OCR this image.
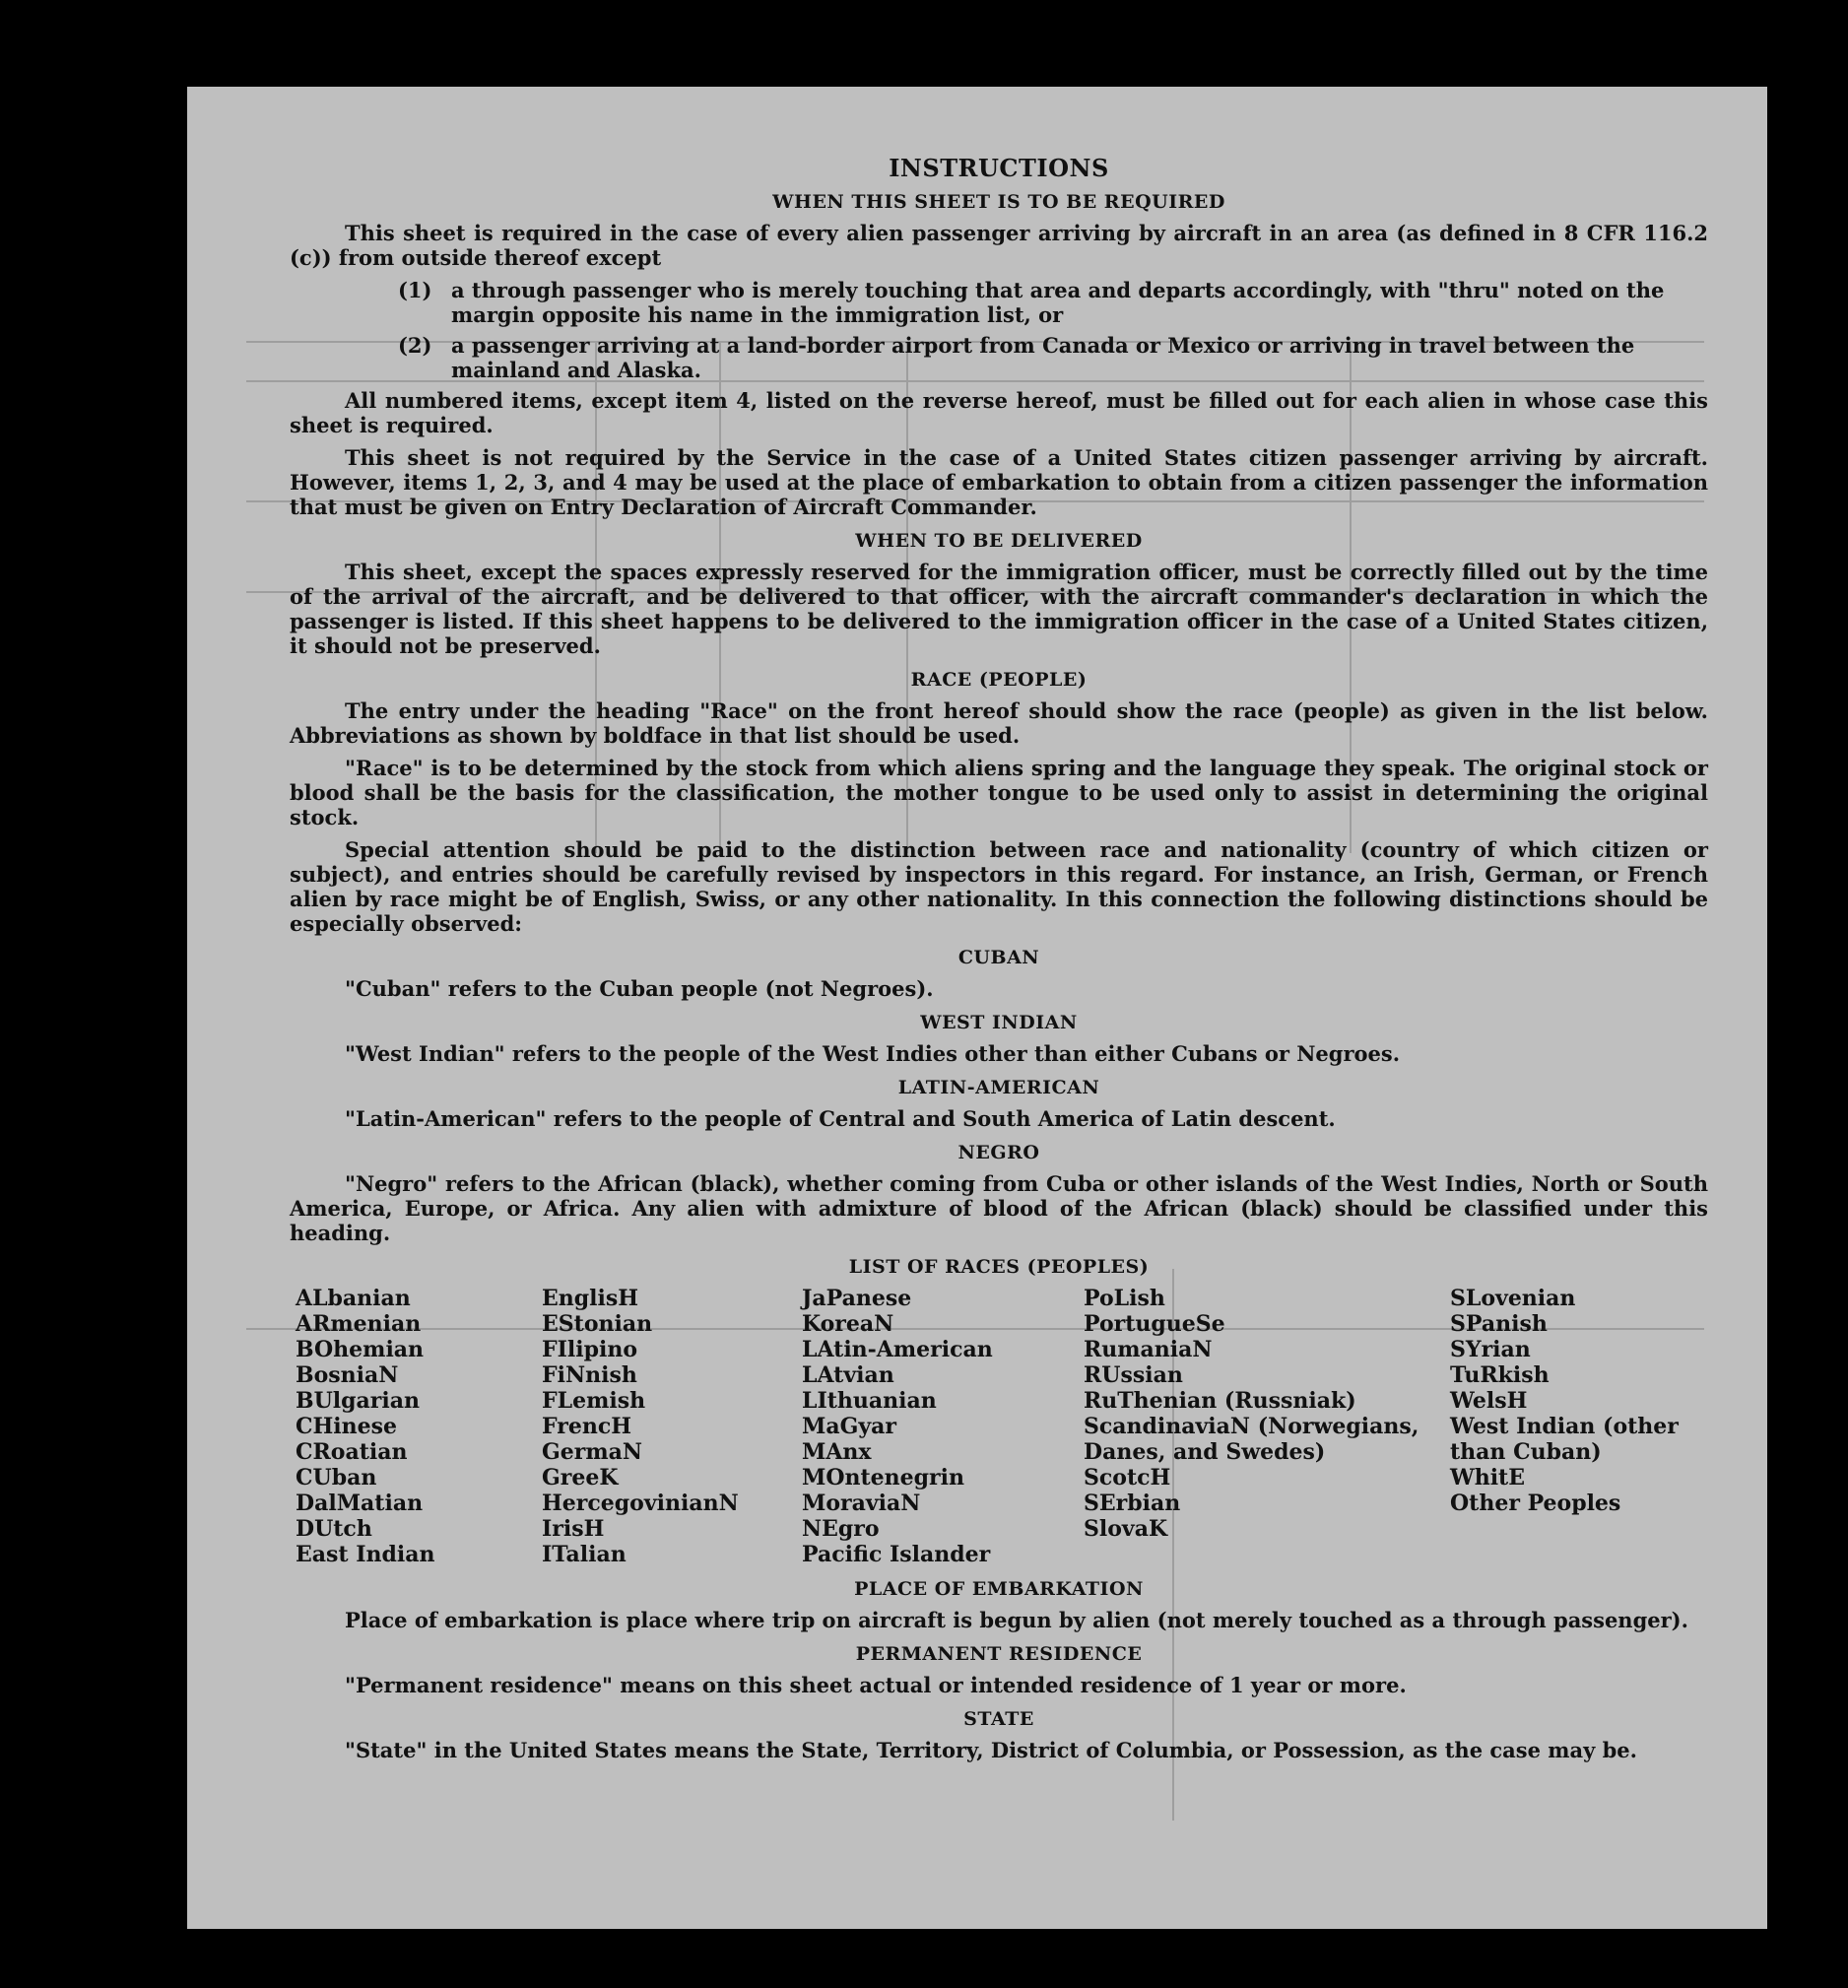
INSTRUCTIONS
WHEN THIS SHEET IS TO BE REQUIRED

This sheet is required in the case of every alien passenger arriving by aircraft in an area (as defined in 8 CFR 116.2 (c)) from outside thereof except

(1) a through passenger who is merely touching that area and departs accordingly, with "thru" noted on the margin opposite his name in the immigration list, or
(2) a passenger arriving at a land-border airport from Canada or Mexico or arriving in travel between the mainland and Alaska.

All numbered items, except item 4, listed on the reverse hereof, must be filled out for each alien in whose case this sheet is required.

This sheet is not required by the Service in the case of a United States citizen passenger arriving by aircraft. However, items 1, 2, 3, and 4 may be used at the place of embarkation to obtain from a citizen passenger the information that must be given on Entry Declaration of Aircraft Commander.

WHEN TO BE DELIVERED

This sheet, except the spaces expressly reserved for the immigration officer, must be correctly filled out by the time of the arrival of the aircraft, and be delivered to that officer, with the aircraft commander's declaration in which the passenger is listed. If this sheet happens to be delivered to the immigration officer in the case of a United States citizen, it should not be preserved.

RACE (PEOPLE)

The entry under the heading "Race" on the front hereof should show the race (people) as given in the list below. Abbreviations as shown by boldface in that list should be used.

"Race" is to be determined by the stock from which aliens spring and the language they speak. The original stock or blood shall be the basis for the classification, the mother tongue to be used only to assist in determining the original stock.

Special attention should be paid to the distinction between race and nationality (country of which citizen or subject), and entries should be carefully revised by inspectors in this regard. For instance, an Irish, German, or French alien by race might be of English, Swiss, or any other nationality. In this connection the following distinctions should be especially observed:

CUBAN

"Cuban" refers to the Cuban people (not Negroes).

WEST INDIAN

"West Indian" refers to the people of the West Indies other than either Cubans or Negroes.

LATIN-AMERICAN

"Latin-American" refers to the people of Central and South America of Latin descent.

NEGRO

"Negro" refers to the African (black), whether coming from Cuba or other islands of the West Indies, North or South America, Europe, or Africa. Any alien with admixture of blood of the African (black) should be classified under this heading.

LIST OF RACES (PEOPLES)
ALbanian
ARmenian
BOhemian
BosniaN
BUlgarian
CHinese
CRoatian
CUban
DalMatian
DUtch
East Indian
EnglisH
EStonian
FIlipino
FiNnish
FLemish
FrencH
GermaN
GreeK
HercegovinianN
IrisH
ITalian
JaPanese
KoreaN
LAtin-American
LAtvian
LIthuanian
MaGyar
MAnx
MOntenegrin
MoraviaN
NEgro
Pacific Islander
PoLish
PortugueSe
RumaniaN
RUssian
RuThenian (Russniak)
ScandinaviaN (Norwegians, Danes, and Swedes)
ScotcH
SErbian
SlovaK
SLovenian
SPanish
SYrian
TuRkish
WelsH
West Indian (other than Cuban)
WhitE
Other Peoples
PLACE OF EMBARKATION

Place of embarkation is place where trip on aircraft is begun by alien (not merely touched as a through passenger).

PERMANENT RESIDENCE

"Permanent residence" means on this sheet actual or intended residence of 1 year or more.

STATE

"State" in the United States means the State, Territory, District of Columbia, or Possession, as the case may be.
